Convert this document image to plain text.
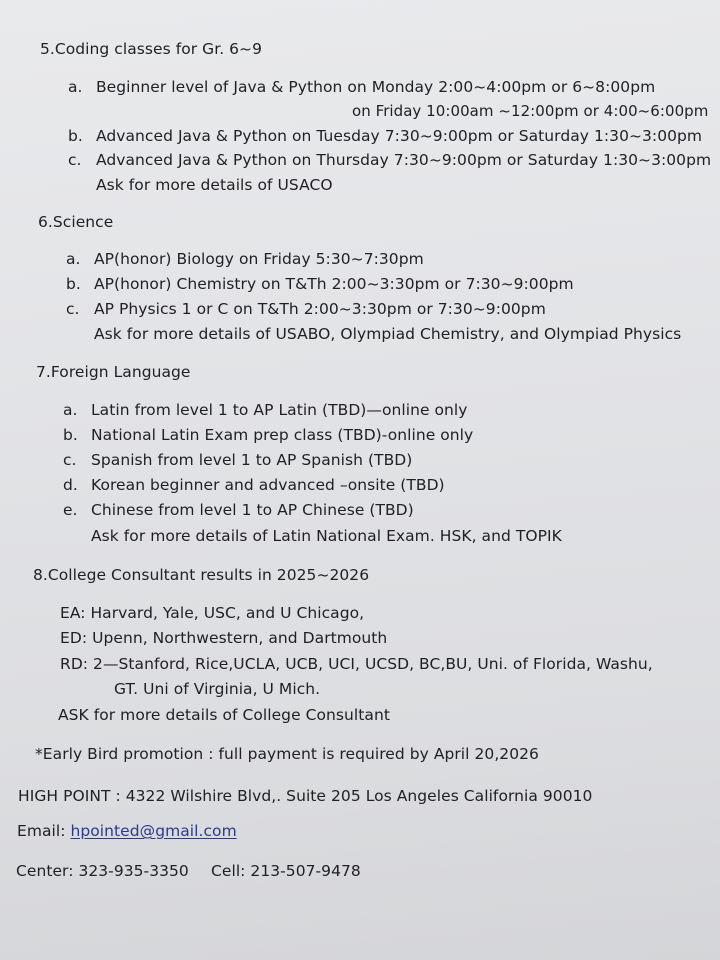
5.Coding classes for Gr. 6~9
a. Beginner level of Java & Python on Monday 2:00~4:00pm or 6~8:00pm
on Friday 10:00am ~12:00pm or 4:00~6:00pm
b. Advanced Java & Python on Tuesday 7:30~9:00pm or Saturday 1:30~3:00pm
c. Advanced Java & Python on Thursday 7:30~9:00pm or Saturday 1:30~3:00pm
Ask for more details of USACO
6.Science
a. AP(honor) Biology on Friday 5:30~7:30pm
b. AP(honor) Chemistry on T&Th 2:00~3:30pm or 7:30~9:00pm
c. AP Physics 1 or C on T&Th 2:00~3:30pm or 7:30~9:00pm
Ask for more details of USABO, Olympiad Chemistry, and Olympiad Physics
7.Foreign Language
a. Latin from level 1 to AP Latin (TBD)—online only
b. National Latin Exam prep class (TBD)-online only
c. Spanish from level 1 to AP Spanish (TBD)
d. Korean beginner and advanced –onsite (TBD)
e. Chinese from level 1 to AP Chinese (TBD)
Ask for more details of Latin National Exam. HSK, and TOPIK
8.College Consultant results in 2025~2026
EA: Harvard, Yale, USC, and U Chicago,
ED: Upenn, Northwestern, and Dartmouth
RD: 2—Stanford, Rice,UCLA, UCB, UCI, UCSD, BC,BU, Uni. of Florida, Washu,
GT. Uni of Virginia, U Mich.
ASK for more details of College Consultant
*Early Bird promotion : full payment is required by April 20,2026
HIGH POINT : 4322 Wilshire Blvd,. Suite 205 Los Angeles California 90010
Email: hpointed@gmail.com
Center: 323-935-3350 Cell: 213-507-9478
